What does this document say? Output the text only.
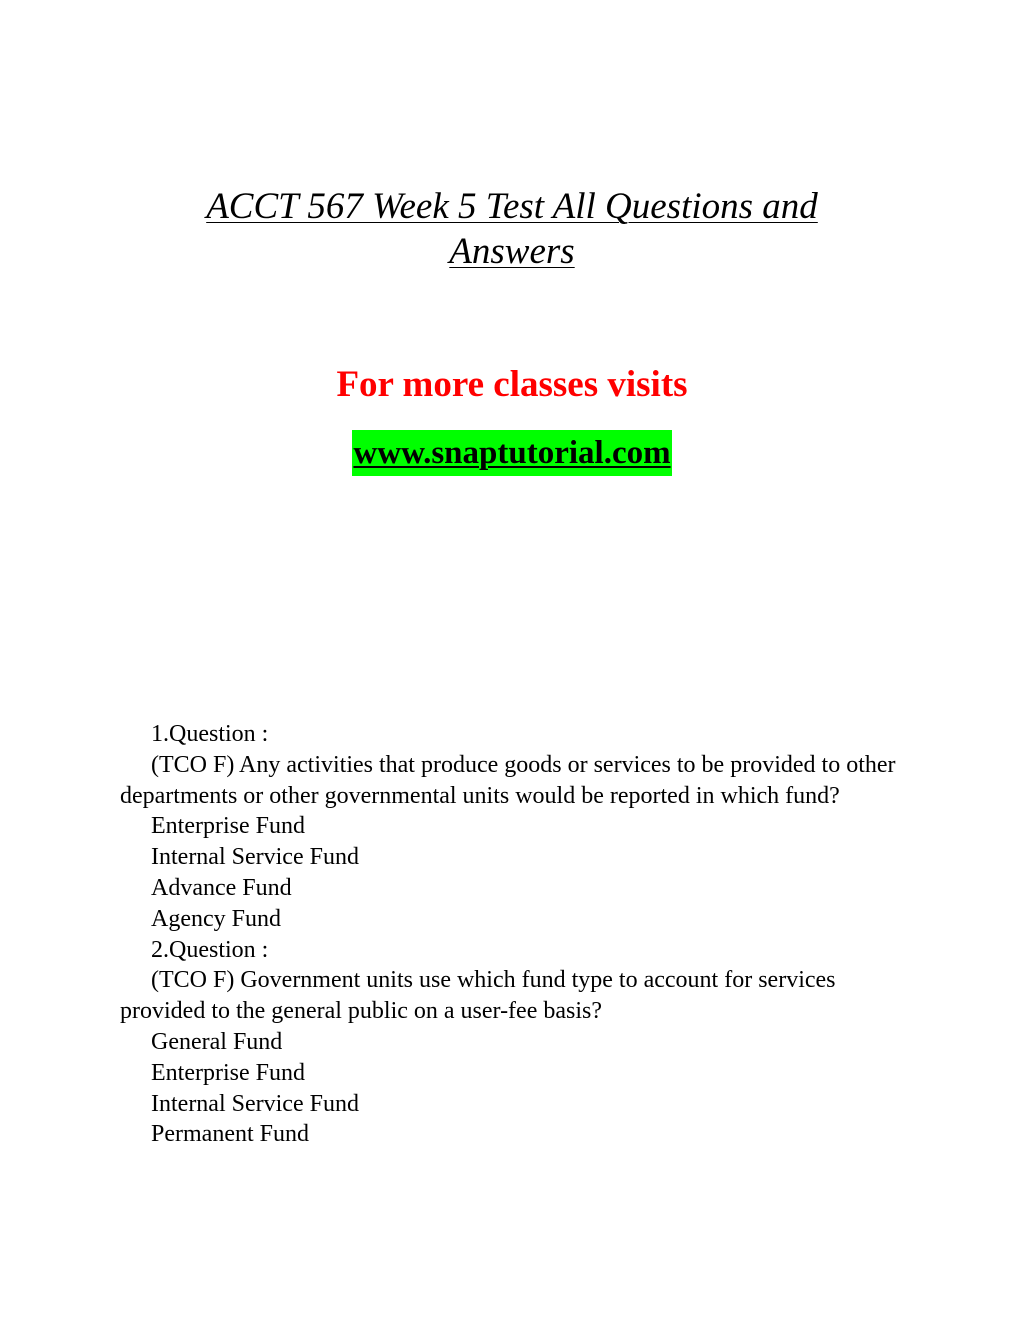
ACCT 567 Week 5 Test All Questions and
Answers
For more classes visits
www.snaptutorial.com

1.Question :

(TCO F) Any activities that produce goods or services to be provided to other departments or other governmental units would be reported in which fund?

Enterprise Fund

Internal Service Fund

Advance Fund

Agency Fund

2.Question :

(TCO F) Government units use which fund type to account for services provided to the general public on a user-fee basis?

General Fund

Enterprise Fund

Internal Service Fund

Permanent Fund
